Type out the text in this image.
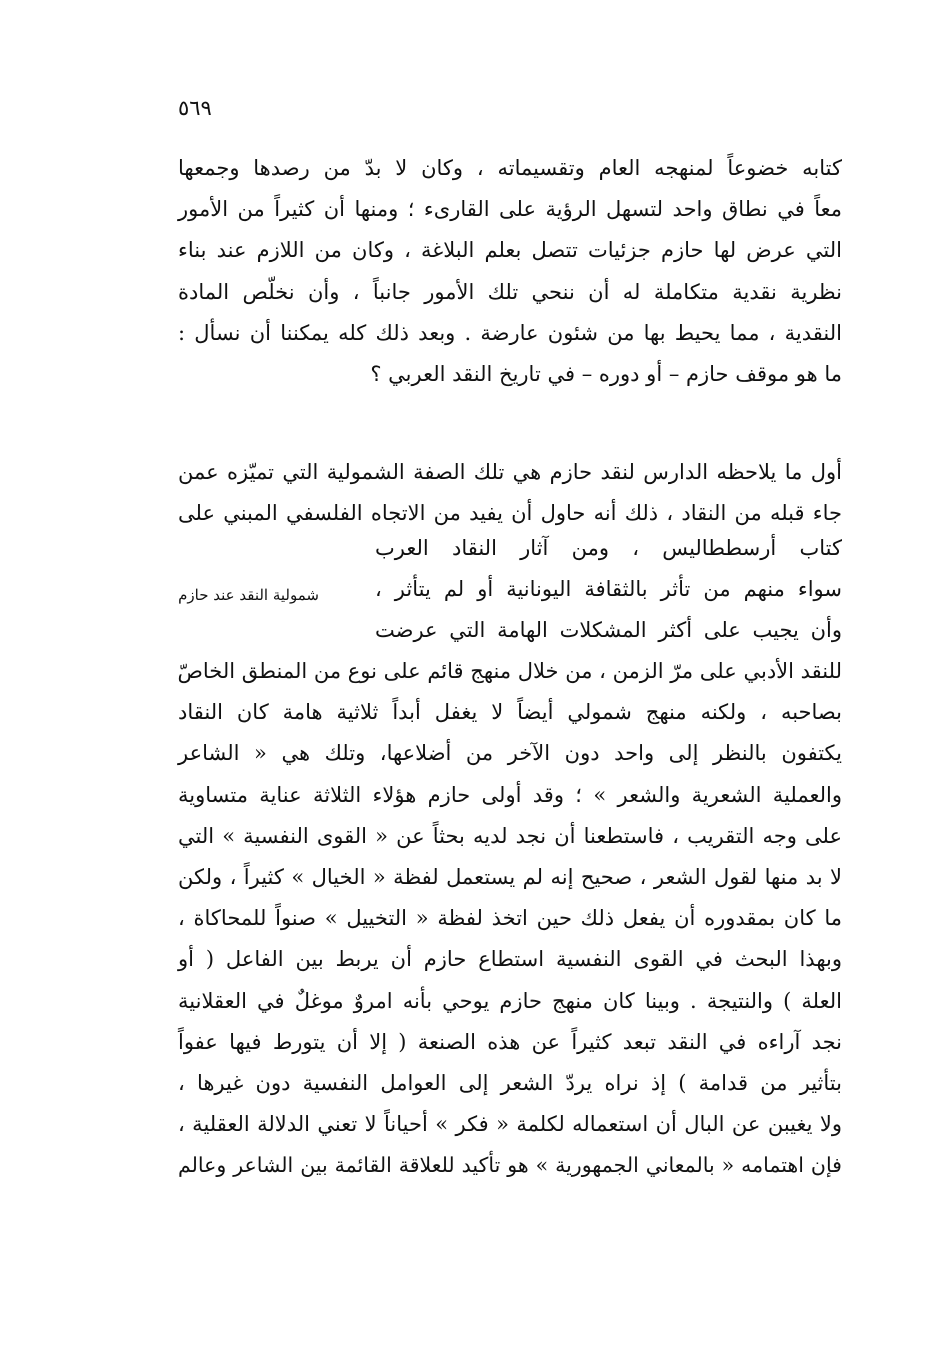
٥٦٩
كتابه خضوعاً لمنهجه العام وتقسيماته ، وكان لا بدّ من رصدها وجمعها
معاً في نطاق واحد لتسهل الرؤية على القارىء ؛ ومنها أن كثيراً من الأمور
التي عرض لها حازم جزئيات تتصل بعلم البلاغة ، وكان من اللازم عند بناء
نظرية نقدية متكاملة له أن ننحي تلك الأمور جانباً ، وأن نخلّص المادة
النقدية ، مما يحيط بها من شئون عارضة . وبعد ذلك كله يمكننا أن نسأل :
ما هو موقف حازم – أو دوره – في تاريخ النقد العربي ؟
أول ما يلاحظه الدارس لنقد حازم هي تلك الصفة الشمولية التي تميّزه عمن
جاء قبله من النقاد ، ذلك أنه حاول أن يفيد من الاتجاه الفلسفي المبني على
كتاب أرسططاليس ، ومن آثار النقاد العرب
سواء منهم من تأثر بالثقافة اليونانية أو لم يتأثر ،
وأن يجيب على أكثر المشكلات الهامة التي عرضت
شمولية النقد عند حازم
للنقد الأدبي على مرّ الزمن ، من خلال منهج قائم على نوع من المنطق الخاصّ
بصاحبه ، ولكنه منهج شمولي أيضاً لا يغفل أبداً ثلاثية هامة كان النقاد
يكتفون بالنظر إلى واحد دون الآخر من أضلاعها، وتلك هي « الشاعر
والعملية الشعرية والشعر » ؛ وقد أولى حازم هؤلاء الثلاثة عناية متساوية
على وجه التقريب ، فاستطعنا أن نجد لديه بحثاً عن « القوى النفسية » التي
لا بد منها لقول الشعر ، صحيح إنه لم يستعمل لفظة « الخيال » كثيراً ، ولكن
ما كان بمقدوره أن يفعل ذلك حين اتخذ لفظة « التخييل » صنواً للمحاكاة ،
وبهذا البحث في القوى النفسية استطاع حازم أن يربط بين الفاعل ( أو
العلة ) والنتيجة . وبينا كان منهج حازم يوحي بأنه امروٌ موغلٌ في العقلانية
نجد آراءه في النقد تبعد كثيراً عن هذه الصنعة ( إلا أن يتورط فيها عفواً
بتأثير من قدامة ) إذ نراه يردّ الشعر إلى العوامل النفسية دون غيرها ،
ولا يغيبن عن البال أن استعماله لكلمة « فكر » أحياناً لا تعني الدلالة العقلية ،
فإن اهتمامه « بالمعاني الجمهورية » هو تأكيد للعلاقة القائمة بين الشاعر وعالم
